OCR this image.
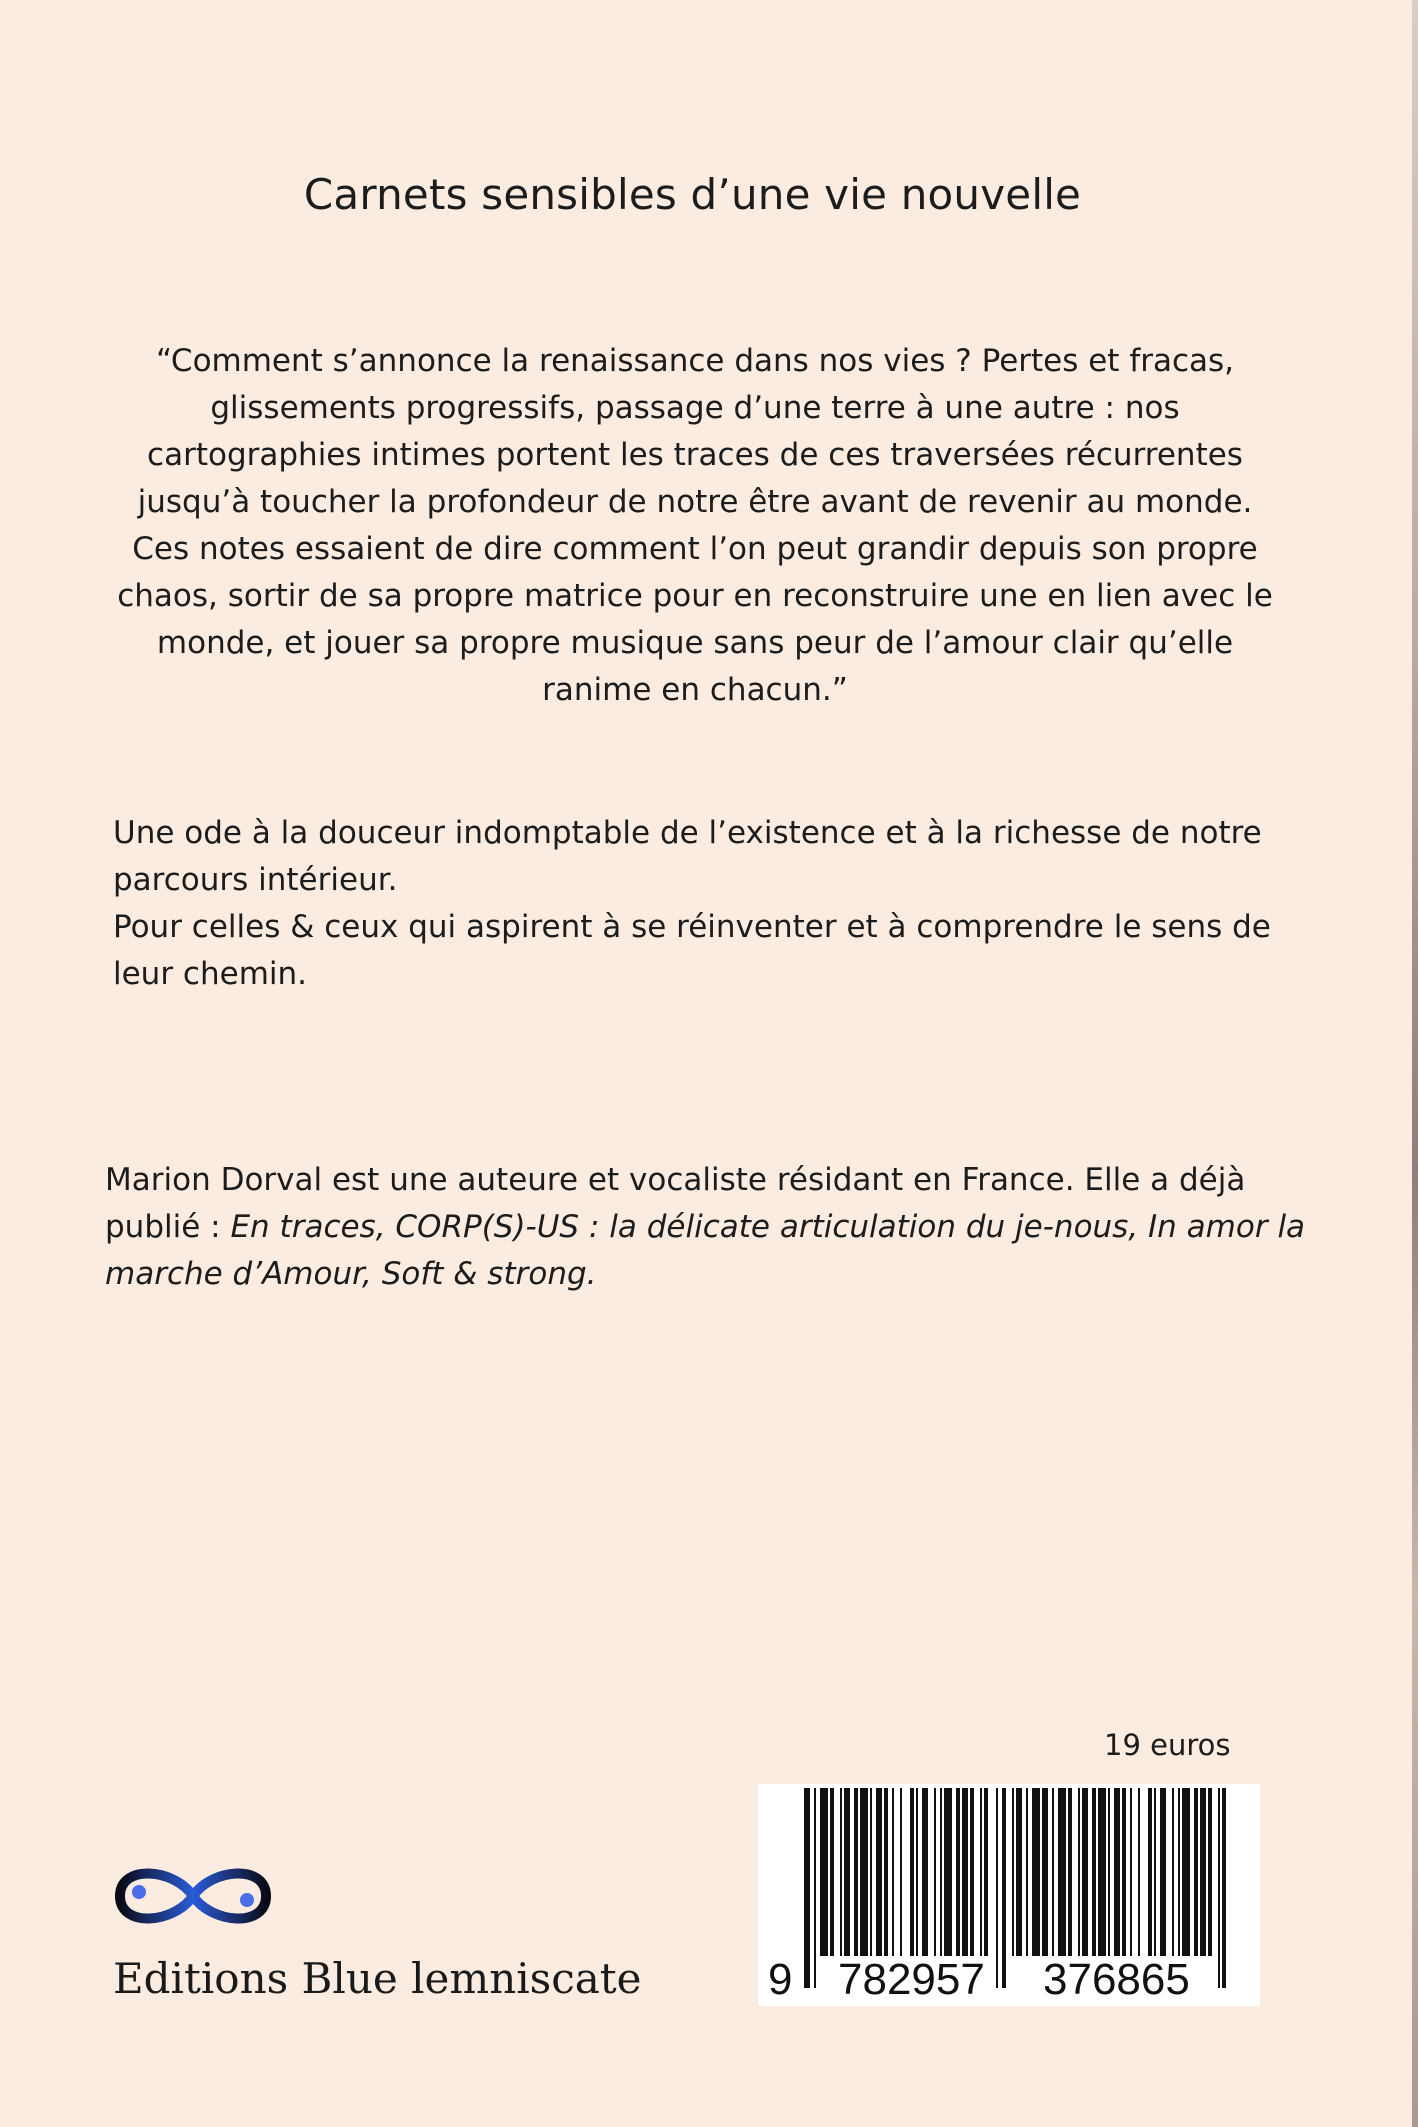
Carnets sensibles d’une vie nouvelle
“Comment s’annonce la renaissance dans nos vies ? Pertes et fracas, glissements progressifs, passage d’une terre à une autre : nos cartographies intimes portent les traces de ces traversées récurrentes jusqu’à toucher la profondeur de notre être avant de revenir au monde. Ces notes essaient de dire comment l’on peut grandir depuis son propre chaos, sortir de sa propre matrice pour en reconstruire une en lien avec le monde, et jouer sa propre musique sans peur de l’amour clair qu’elle ranime en chacun.”

Une ode à la douceur indomptable de l’existence et à la richesse de notre parcours intérieur.

Pour celles & ceux qui aspirent à se réinventer et à comprendre le sens de leur chemin.

Marion Dorval est une auteure et vocaliste résidant en France. Elle a déjà publié : En traces, CORP(S)-US : la délicate articulation du je-nous, In amor la marche d’Amour, Soft & strong.
19 euros
9 782957 376865
Editions Blue lemniscate
